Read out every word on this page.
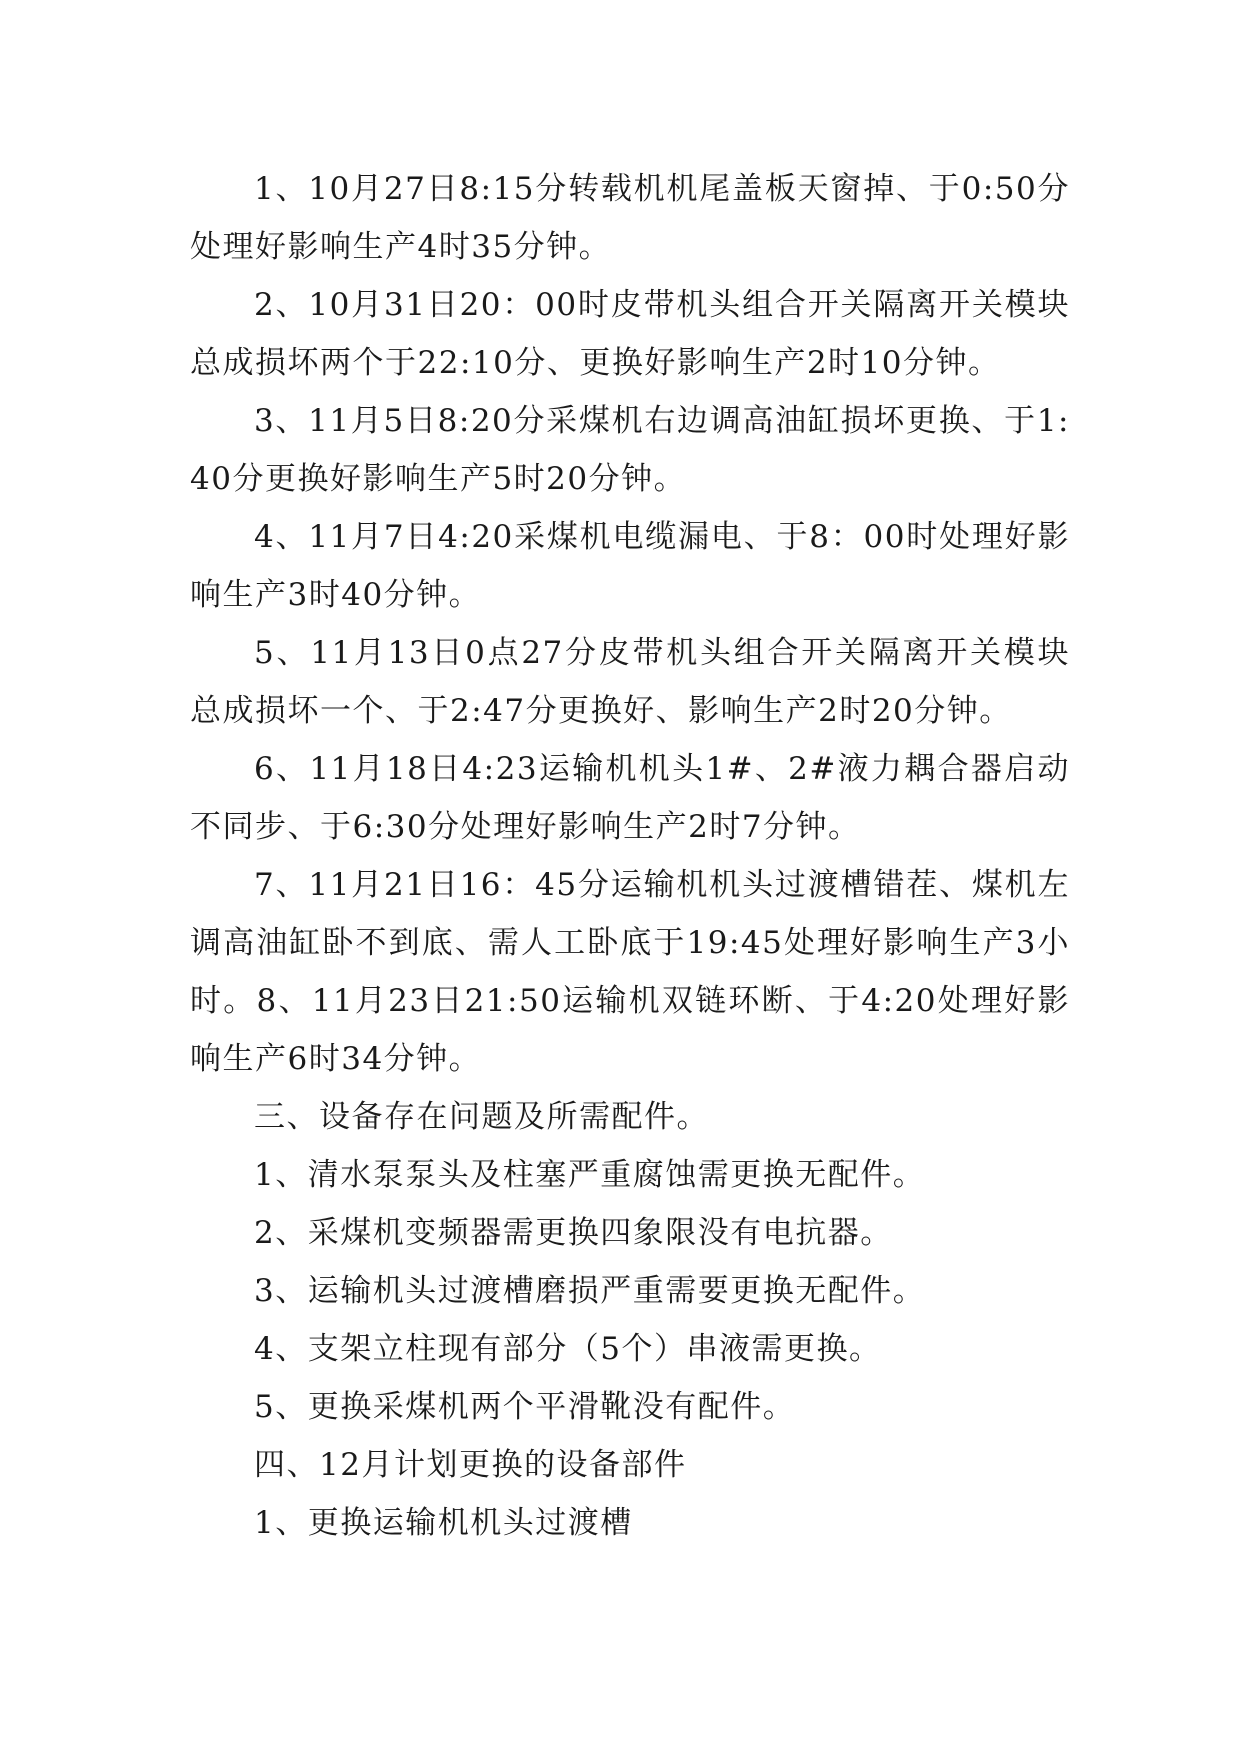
1、10月27日8:15分转载机机尾盖板天窗掉、于0:50分处理好影响生产4时35分钟。

2、10月31日20：00时皮带机头组合开关隔离开关模块总成损坏两个于22:10分、更换好影响生产2时10分钟。

3、11月5日8:20分采煤机右边调高油缸损坏更换、于1:40分更换好影响生产5时20分钟。

4、11月7日4:20采煤机电缆漏电、于8：00时处理好影响生产3时40分钟。

5、11月13日0点27分皮带机头组合开关隔离开关模块总成损坏一个、于2:47分更换好、影响生产2时20分钟。

6、11月18日4:23运输机机头1#、2#液力耦合器启动不同步、于6:30分处理好影响生产2时7分钟。

7、11月21日16：45分运输机机头过渡槽错茬、煤机左调高油缸卧不到底、需人工卧底于19:45处理好影响生产3小时。8、11月23日21:50运输机双链环断、于4:20处理好影响生产6时34分钟。

三、设备存在问题及所需配件。

1、清水泵泵头及柱塞严重腐蚀需更换无配件。

2、采煤机变频器需更换四象限没有电抗器。

3、运输机头过渡槽磨损严重需要更换无配件。

4、支架立柱现有部分（5个）串液需更换。

5、更换采煤机两个平滑靴没有配件。

四、12月计划更换的设备部件

1、更换运输机机头过渡槽
